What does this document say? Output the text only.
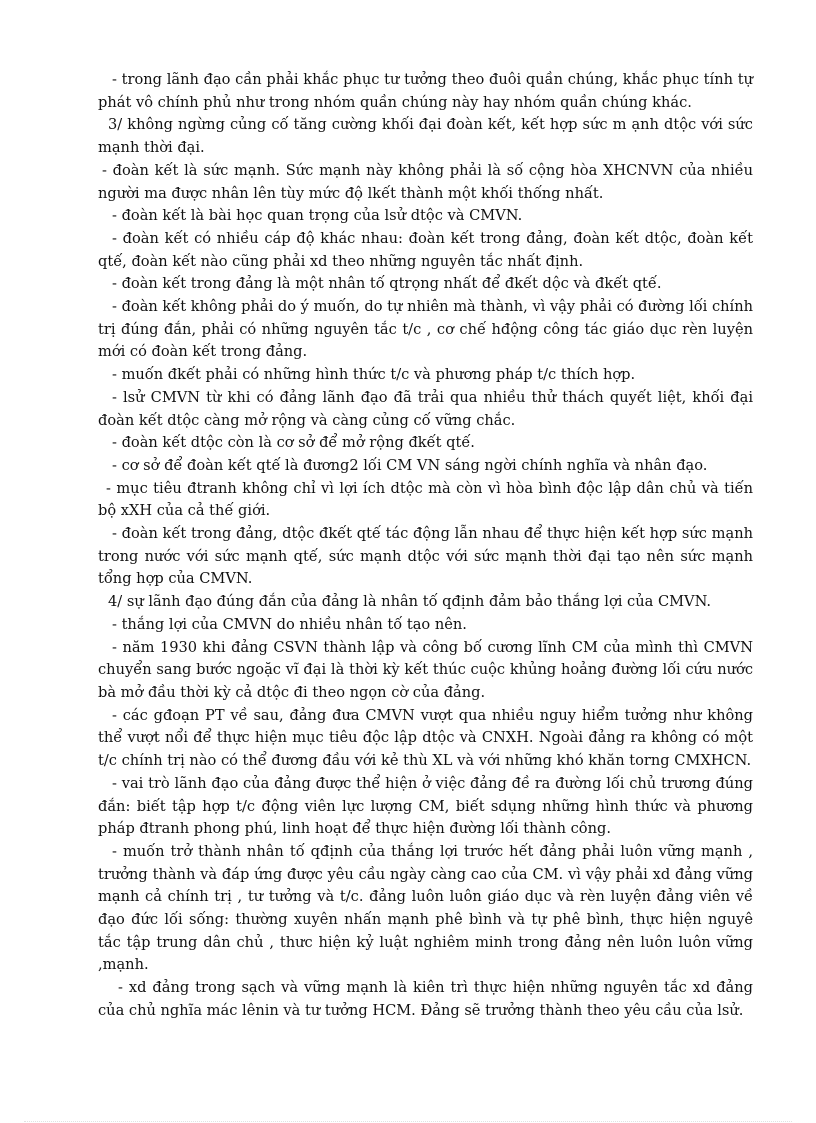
- trong lãnh đạo cần phải khắc phục tư tưởng theo đuôi quần chúng, khắc phục tính tự phát vô chính phủ như trong nhóm quần chúng này hay nhóm quần chúng khác.

3/ không ngừng củng cố tăng cường khối đại đoàn kết, kết hợp sức m ạnh dtộc với sức mạnh thời đại.

- đoàn kết là sức mạnh. Sức mạnh này không phải là số cộng hòa XHCNVN của nhiều người ma được nhân lên tùy mức độ lkết thành một khối thống nhất.

- đoàn kết là bài học quan trọng của lsử dtộc và CMVN.

- đoàn kết có nhiều cáp độ khác nhau: đoàn kết trong đảng, đoàn kết dtộc, đoàn kết qtế, đoàn kết nào cũng phải xd theo những nguyên tắc nhất định.

- đoàn kết trong đảng là một nhân tố qtrọng nhất để đkết dộc và đkết qtế.

- đoàn kết không phải do ý muốn, do tự nhiên mà thành, vì vậy phải có đường lối chính trị đúng đắn, phải có những nguyên tắc t/c , cơ chế hđộng công tác giáo dục rèn luyện mới có đoàn kết trong đảng.

- muốn đkết phải có những hình thức t/c và phương pháp t/c thích hợp.

- lsử CMVN từ khi có đảng lãnh đạo đã trải qua nhiều thử thách quyết liệt, khối đại đoàn kết dtộc càng mở rộng và càng củng cố vững chắc.

- đoàn kết dtộc còn là cơ sở để mở rộng đkết qtế.

- cơ sở để đoàn kết qtế là đương2 lối CM VN sáng ngời chính nghĩa và nhân đạo.

- mục tiêu đtranh không chỉ vì lợi ích dtộc mà còn vì hòa bình độc lập dân chủ và tiến bộ xXH của cả thế giới.

- đoàn kết trong đảng, dtộc đkết qtế tác động lẫn nhau để thực hiện kết hợp sức mạnh trong nước với sức mạnh qtế, sức mạnh dtộc với sức mạnh thời đại tạo nên sức mạnh tổng hợp của CMVN.

4/ sự lãnh đạo đúng đắn của đảng là nhân tố qđịnh đảm bảo thắng lợi của CMVN.

- thắng lợi của CMVN do nhiều nhân tố tạo nên.

- năm 1930 khi đảng CSVN thành lập và công bố cương lĩnh CM của mình thì CMVN chuyển sang bước ngoặc vĩ đại là thời kỳ kết thúc cuộc khủng hoảng đường lối cứu nước bà mở đầu thời kỳ cả dtộc đi theo ngọn cờ của đảng.

- các gđoạn PT về sau, đảng đưa CMVN vượt qua nhiều nguy hiểm tưởng như không thể vượt nổi để thực hiện mục tiêu độc lập dtộc và CNXH. Ngoài đảng ra không có một t/c chính trị nào có thể đương đầu với kẻ thù XL và với những khó khăn torng CMXHCN.

- vai trò lãnh đạo của đảng được thể hiện ở việc đảng đề ra đường lối chủ trương đúng đắn: biết tập hợp t/c động viên lực lượng CM, biết sdụng những hình thức và phương pháp đtranh phong phú, linh hoạt để thực hiện đường lối thành công.

- muốn trở thành nhân tố qđịnh của thắng lợi trước hết đảng phải luôn vững mạnh , trưởng thành và đáp ứng được yêu cầu ngày càng cao của CM. vì vậy phải xd đảng vững mạnh cả chính trị , tư tưởng và t/c. đảng luôn luôn giáo dục và rèn luyện đảng viên về đạo đức lối sống: thường xuyên nhấn mạnh phê bình và tự phê bình, thực hiện nguyê tắc tập trung dân chủ , thưc hiện kỷ luật nghiêm minh trong đảng nên luôn luôn vững ,mạnh.

- xd đảng trong sạch và vững mạnh là kiên trì thực hiện những nguyên tắc xd đảng của chủ nghĩa mác lênin và tư tưởng HCM. Đảng sẽ trưởng thành theo yêu cầu của lsử.
